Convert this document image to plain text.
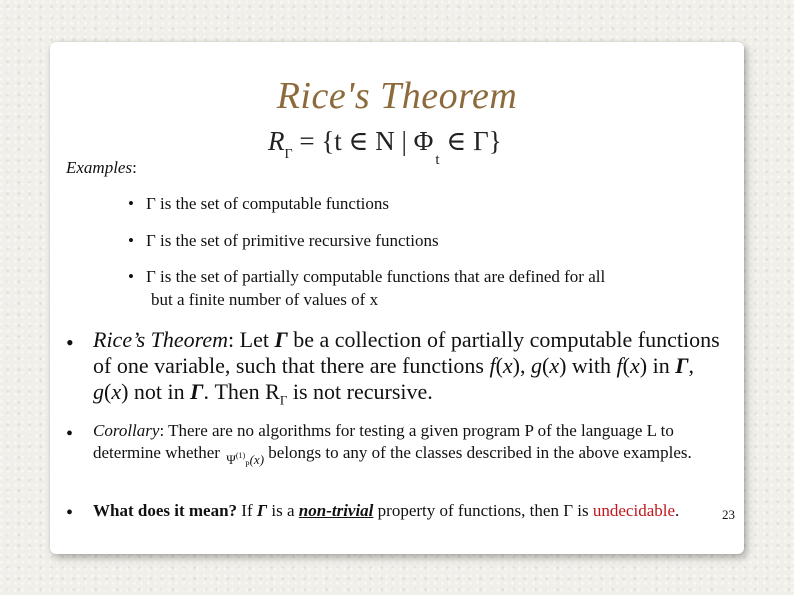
Rice's Theorem
$R_\Gamma = \{t$ ∈ N | $\Phi_t$ ∈ Γ}
Examples:
• Γ is the set of computable functions
• Γ is the set of primitive recursive functions
• Γ is the set of partially computable functions that are defined for all
but a finite number of values of x
• Rice’s Theorem: Let Γ be a collection of partially computable functions of one variable, such that there are functions f(x), g(x) with f(x) in Γ, g(x) not in Γ. Then $R_\Gamma$ is not recursive.
• Corollary: There are no algorithms for testing a given program P of the language L to determine whether $\Psi^{(1)}_P(x)$ belongs to any of the classes described in the above examples.
• What does it mean? If Γ is a non-trivial property of functions, then Γ is undecidable.	23
